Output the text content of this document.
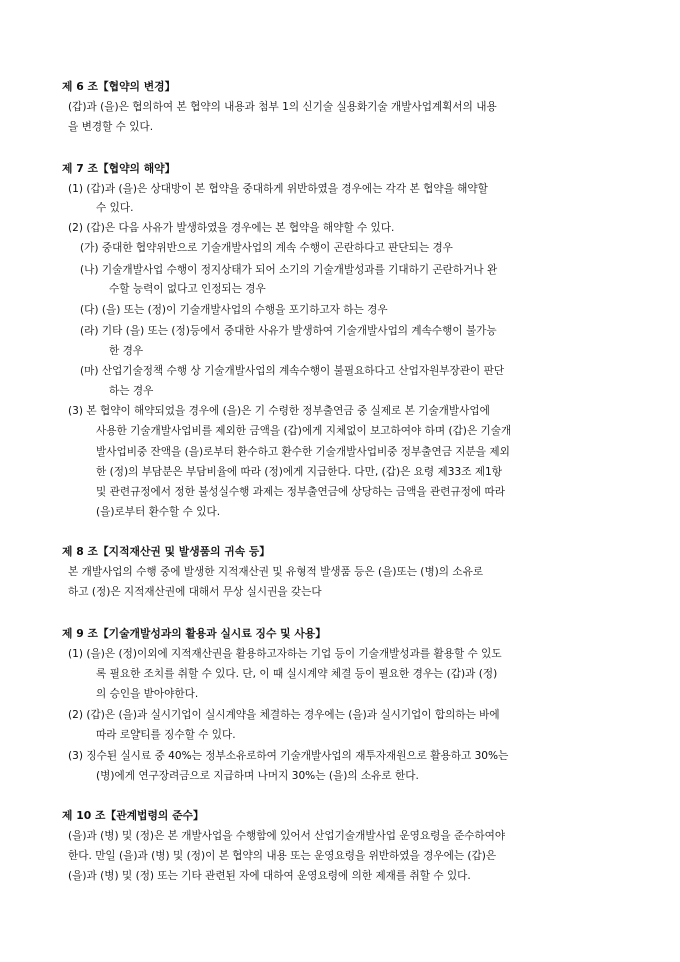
제 6 조【협약의 변경】
(갑)과 (을)은 협의하여 본 협약의 내용과 첨부 1의 신기술 실용화기술 개발사업계획서의 내용
을 변경할 수 있다.
제 7 조【협약의 해약】
(1) (갑)과 (을)은 상대방이 본 협약을 중대하게 위반하였을 경우에는 각각 본 협약을 해약할
수 있다.
(2) (갑)은 다음 사유가 발생하였을 경우에는 본 협약을 해약할 수 있다.
(가) 중대한 협약위반으로 기술개발사업의 계속 수행이 곤란하다고 판단되는 경우
(나) 기술개발사업 수행이 정지상태가 되어 소기의 기술개발성과를 기대하기 곤란하거나 완
수할 능력이 없다고 인정되는 경우
(다) (을) 또는 (정)이 기술개발사업의 수행을 포기하고자 하는 경우
(라) 기타 (을) 또는 (정)등에서 중대한 사유가 발생하여 기술개발사업의 계속수행이 불가능
한 경우
(마) 산업기술정책 수행 상 기술개발사업의 계속수행이 불필요하다고 산업자원부장관이 판단
하는 경우
(3) 본 협약이 해약되었을 경우에 (을)은 기 수령한 정부출연금 중 실제로 본 기술개발사업에
사용한 기술개발사업비를 제외한 금액을 (갑)에게 지체없이 보고하여야 하며 (갑)은 기술개
발사업비중 잔액을 (을)로부터 환수하고 환수한 기술개발사업비중 정부출연금 지분을 제외
한 (정)의 부담분은 부담비율에 따라 (정)에게 지급한다. 다만, (갑)은 요령 제33조 제1항
및 관련규정에서 정한 불성실수행 과제는 정부출연금에 상당하는 금액을 관련규정에 따라
(을)로부터 환수할 수 있다.
제 8 조【지적재산권 및 발생품의 귀속 등】
본 개발사업의 수행 중에 발생한 지적재산권 및 유형적 발생품 등은 (을)또는 (병)의 소유로
하고 (정)은 지적재산권에 대해서 무상 실시권을 갖는다
제 9 조【기술개발성과의 활용과 실시료 징수 및 사용】
(1) (을)은 (정)이외에 지적재산권을 활용하고자하는 기업 등이 기술개발성과를 활용할 수 있도
록 필요한 조치를 취할 수 있다. 단, 이 때 실시계약 체결 등이 필요한 경우는 (갑)과 (정)
의 승인을 받아야한다.
(2) (갑)은 (을)과 실시기업이 실시계약을 체결하는 경우에는 (을)과 실시기업이 합의하는 바에
따라 로얄티를 징수할 수 있다.
(3) 징수된 실시료 중 40%는 정부소유로하여 기술개발사업의 재투자재원으로 활용하고 30%는
(병)에게 연구장려금으로 지급하며 나머지 30%는 (을)의 소유로 한다.
제 10 조【관계법령의 준수】
(을)과 (병) 및 (정)은 본 개발사업을 수행함에 있어서 산업기술개발사업 운영요령을 준수하여야
한다. 만일 (을)과 (병) 및 (정)이 본 협약의 내용 또는 운영요령을 위반하였을 경우에는 (갑)은
(을)과 (병) 및 (정) 또는 기타 관련된 자에 대하여 운영요령에 의한 제재를 취할 수 있다.
